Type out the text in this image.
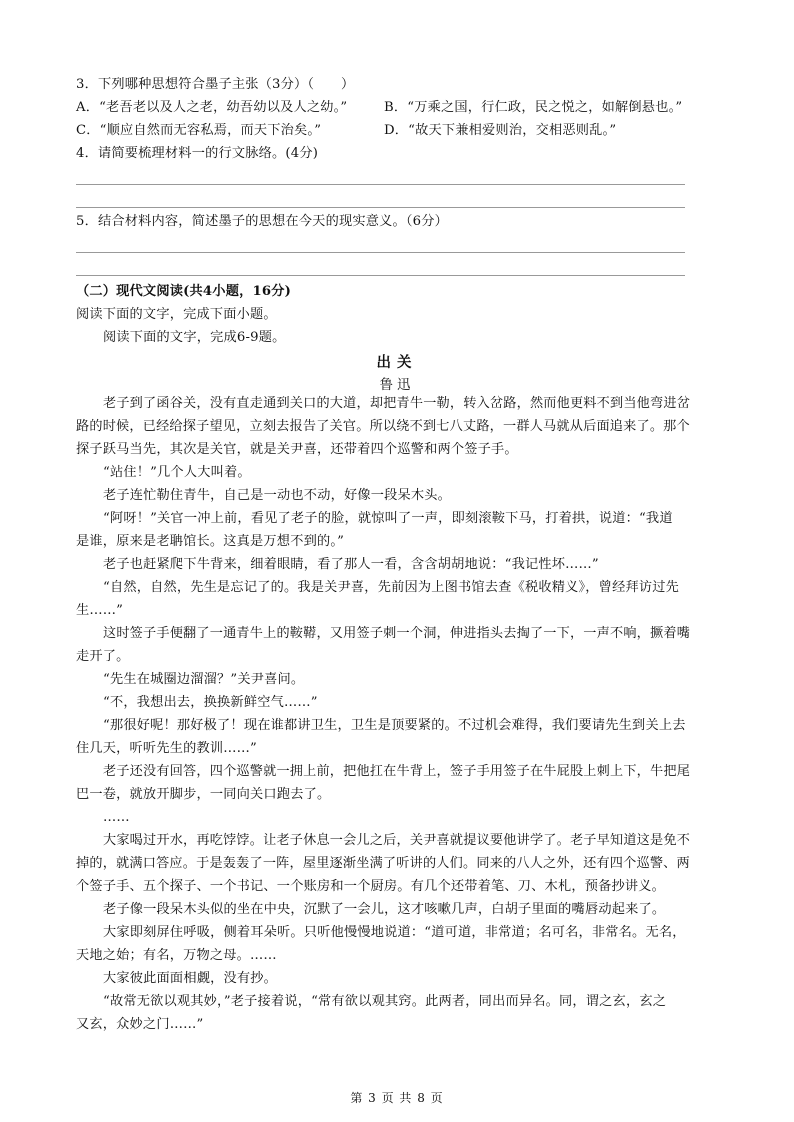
3．下列哪种思想符合墨子主张（3分）（　　）
A．“老吾老以及人之老，幼吾幼以及人之幼。”	B．“万乘之国，行仁政，民之悦之，如解倒悬也。”
C．“顺应自然而无容私焉，而天下治矣。”	D．“故天下兼相爱则治，交相恶则乱。”
4．请简要梳理材料一的行文脉络。(4分)
5．结合材料内容，简述墨子的思想在今天的现实意义。（6分）
（二）现代文阅读(共4小题，16分)
阅读下面的文字，完成下面小题。
阅读下面的文字，完成6-9题。
出关
鲁迅
老子到了函谷关，没有直走通到关口的大道，却把青牛一勒，转入岔路，然而他更料不到当他弯进岔
路的时候，已经给探子望见，立刻去报告了关官。所以绕不到七八丈路，一群人马就从后面追来了。那个
探子跃马当先，其次是关官，就是关尹喜，还带着四个巡警和两个签子手。
“站住！”几个人大叫着。
老子连忙勒住青牛，自己是一动也不动，好像一段呆木头。
“阿呀！”关官一冲上前，看见了老子的脸，就惊叫了一声，即刻滚鞍下马，打着拱，说道：“我道
是谁，原来是老聃馆长。这真是万想不到的。”
老子也赶紧爬下牛背来，细着眼睛，看了那人一看，含含胡胡地说：“我记性坏……”
“自然，自然，先生是忘记了的。我是关尹喜，先前因为上图书馆去查《税收精义》，曾经拜访过先
生……”
这时签子手便翻了一通青牛上的鞍鞯，又用签子刺一个洞，伸进指头去掏了一下，一声不响，撅着嘴
走开了。
“先生在城圈边溜溜？”关尹喜问。
“不，我想出去，换换新鲜空气……”
“那很好呢！那好极了！现在谁都讲卫生，卫生是顶要紧的。不过机会难得，我们要请先生到关上去
住几天，听听先生的教训……”
老子还没有回答，四个巡警就一拥上前，把他扛在牛背上，签子手用签子在牛屁股上刺上下，牛把尾
巴一卷，就放开脚步，一同向关口跑去了。
……
大家喝过开水，再吃饽饽。让老子休息一会儿之后，关尹喜就提议要他讲学了。老子早知道这是免不
掉的，就满口答应。于是轰轰了一阵，屋里逐渐坐满了听讲的人们。同来的八人之外，还有四个巡警、两
个签子手、五个探子、一个书记、一个账房和一个厨房。有几个还带着笔、刀、木札，预备抄讲义。
老子像一段呆木头似的坐在中央，沉默了一会儿，这才咳嗽几声，白胡子里面的嘴唇动起来了。
大家即刻屏住呼吸，侧着耳朵听。只听他慢慢地说道：“道可道，非常道；名可名，非常名。无名，
天地之始；有名，万物之母。……
大家彼此面面相觑，没有抄。
“故常无欲以观其妙，”老子接着说，“常有欲以观其窍。此两者，同出而异名。同，谓之玄，玄之
又玄，众妙之门……”
第 3 页 共 8 页
